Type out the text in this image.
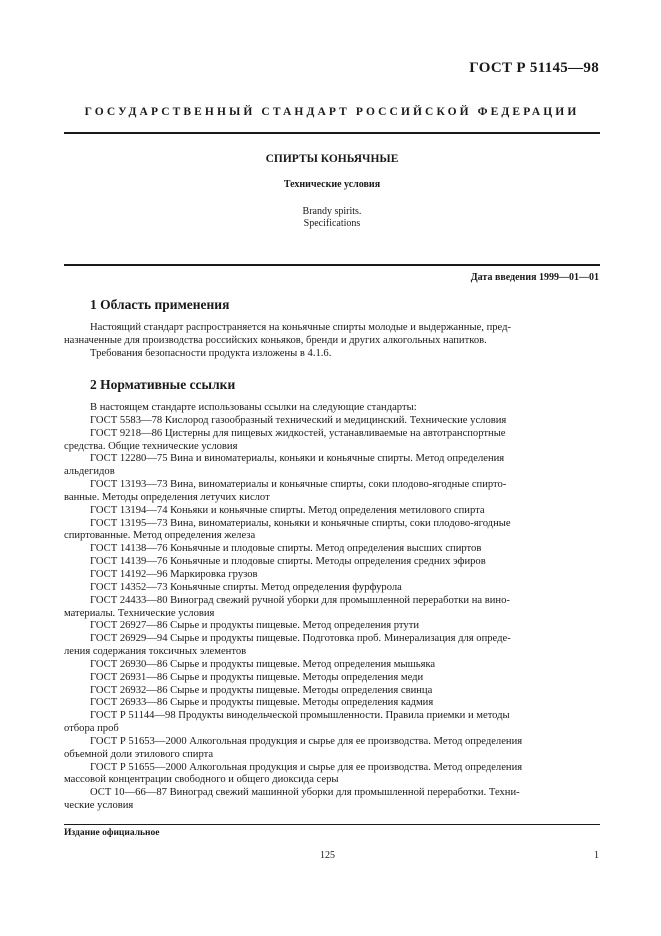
ГОСТ Р 51145—98
ГОСУДАРСТВЕННЫЙ СТАНДАРТ РОССИЙСКОЙ ФЕДЕРАЦИИ
СПИРТЫ КОНЬЯЧНЫЕ
Технические условия
Brandy spirits.
Specifications
Дата введения 1999—01—01
1 Область применения

Настоящий стандарт распространяется на коньячные спирты молодые и выдержанные, пред-

назначенные для производства российских коньяков, бренди и других алкогольных напитков.

Требования безопасности продукта изложены в 4.1.6.

2 Нормативные ссылки

В настоящем стандарте использованы ссылки на следующие стандарты:

ГОСТ 5583—78 Кислород газообразный технический и медицинский. Технические условия

ГОСТ 9218—86 Цистерны для пищевых жидкостей, устанавливаемые на автотранспортные

средства. Общие технические условия

ГОСТ 12280—75 Вина и виноматериалы, коньяки и коньячные спирты. Метод определения

альдегидов

ГОСТ 13193—73 Вина, виноматериалы и коньячные спирты, соки плодово-ягодные спирто-

ванные. Методы определения летучих кислот

ГОСТ 13194—74 Коньяки и коньячные спирты. Метод определения метилового спирта

ГОСТ 13195—73 Вина, виноматериалы, коньяки и коньячные спирты, соки плодово-ягодные

спиртованные. Метод определения железа

ГОСТ 14138—76 Коньячные и плодовые спирты. Метод определения высших спиртов

ГОСТ 14139—76 Коньячные и плодовые спирты. Методы определения средних эфиров

ГОСТ 14192—96 Маркировка грузов

ГОСТ 14352—73 Коньячные спирты. Метод определения фурфурола

ГОСТ 24433—80 Виноград свежий ручной уборки для промышленной переработки на вино-

материалы. Технические условия

ГОСТ 26927—86 Сырье и продукты пищевые. Метод определения ртути

ГОСТ 26929—94 Сырье и продукты пищевые. Подготовка проб. Минерализация для опреде-

ления содержания токсичных элементов

ГОСТ 26930—86 Сырье и продукты пищевые. Метод определения мышьяка

ГОСТ 26931—86 Сырье и продукты пищевые. Методы определения меди

ГОСТ 26932—86 Сырье и продукты пищевые. Методы определения свинца

ГОСТ 26933—86 Сырье и продукты пищевые. Методы определения кадмия

ГОСТ Р 51144—98 Продукты винодельческой промышленности. Правила приемки и методы

отбора проб

ГОСТ Р 51653—2000 Алкогольная продукция и сырье для ее производства. Метод определения

объемной доли этилового спирта

ГОСТ Р 51655—2000 Алкогольная продукция и сырье для ее производства. Метод определения

массовой концентрации свободного и общего диоксида серы

ОСТ 10—66—87 Виноград свежий машинной уборки для промышленной переработки. Техни-

ческие условия

Издание официальное
125	1
